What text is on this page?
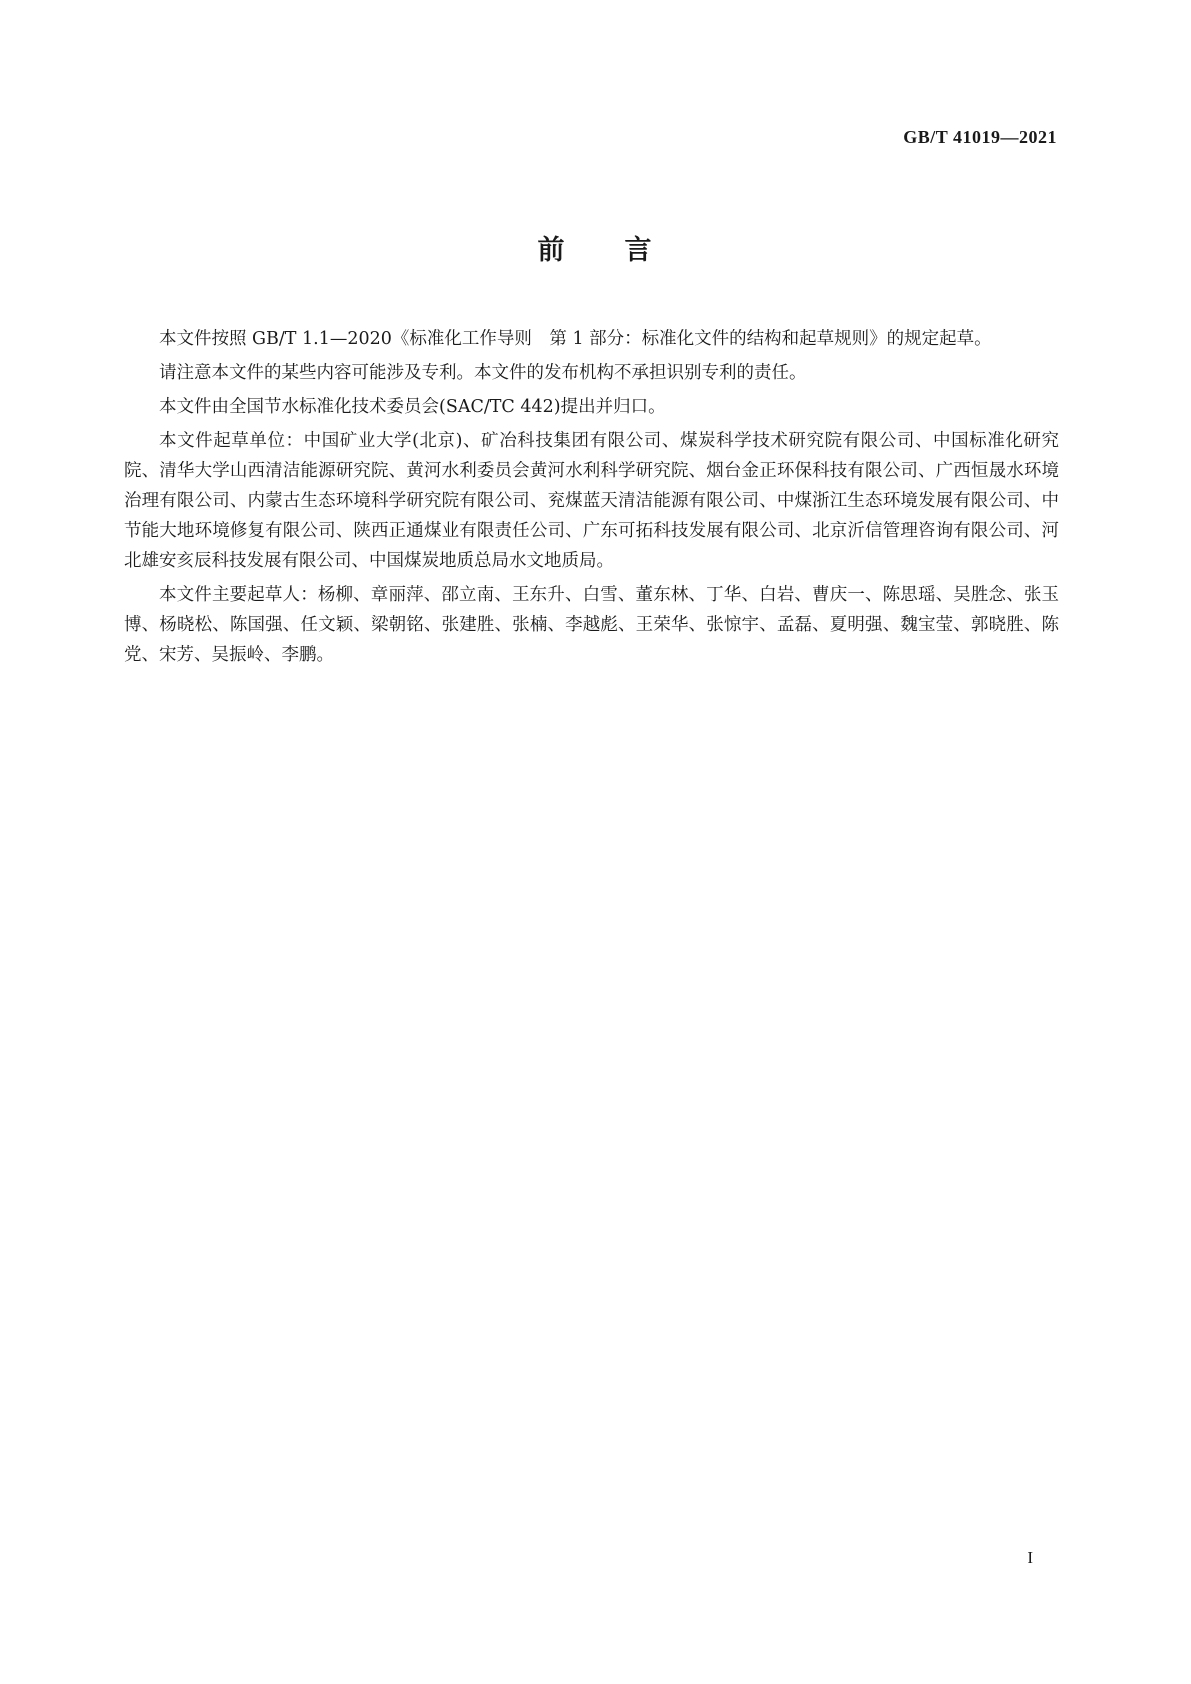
GB/T 41019—2021
前 言

本文件按照 GB/T 1.1—2020《标准化工作导则　第 1 部分：标准化文件的结构和起草规则》的规定起草。

请注意本文件的某些内容可能涉及专利。本文件的发布机构不承担识别专利的责任。

本文件由全国节水标准化技术委员会(SAC/TC 442)提出并归口。

本文件起草单位：中国矿业大学(北京)、矿冶科技集团有限公司、煤炭科学技术研究院有限公司、中国标准化研究院、清华大学山西清洁能源研究院、黄河水利委员会黄河水利科学研究院、烟台金正环保科技有限公司、广西恒晟水环境治理有限公司、内蒙古生态环境科学研究院有限公司、兖煤蓝天清洁能源有限公司、中煤浙江生态环境发展有限公司、中节能大地环境修复有限公司、陕西正通煤业有限责任公司、广东可拓科技发展有限公司、北京沂信管理咨询有限公司、河北雄安亥辰科技发展有限公司、中国煤炭地质总局水文地质局。

本文件主要起草人：杨柳、章丽萍、邵立南、王东升、白雪、董东林、丁华、白岩、曹庆一、陈思瑶、吴胜念、张玉博、杨晓松、陈国强、任文颖、梁朝铭、张建胜、张楠、李越彪、王荣华、张惊宇、孟磊、夏明强、魏宝莹、郭晓胜、陈党、宋芳、吴振岭、李鹏。

I
